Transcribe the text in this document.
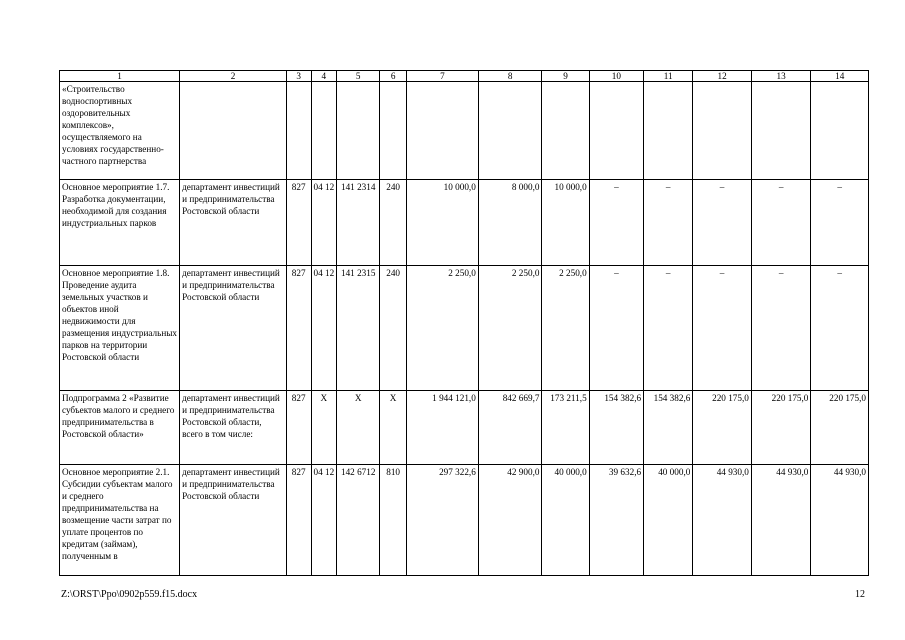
1	2	3	4	5	6	7	8	9	10	11	12	13	14
«Строительство водноспортивных оздоровительных комплексов», осуществляемого на условиях государственно-частного партнерства													
Основное мероприятие 1.7. Разработка документации, необходимой для создания индустриальных парков	департамент инвестиций и предпринимательства Ростовской области	827	04 12	141 2314	240	10 000,0	8 000,0	10 000,0	–	–	–	–	–
Основное мероприятие 1.8. Проведение аудита земельных участков и объектов иной недвижимости для размещения индустриальных парков на территории Ростовской области	департамент инвестиций и предпринимательства Ростовской области	827	04 12	141 2315	240	2 250,0	2 250,0	2 250,0	–	–	–	–	–
Подпрограмма 2 «Развитие субъектов малого и среднего предпринимательства в Ростовской области»	департамент инвестиций и предпринимательства Ростовской области, всего в том числе:	827	Х	Х	Х	1 944 121,0	842 669,7	173 211,5	154 382,6	154 382,6	220 175,0	220 175,0	220 175,0
Основное мероприятие 2.1. Субсидии субъектам малого и среднего предпринимательства на возмещение части затрат по уплате процентов по кредитам (займам), полученным в	департамент инвестиций и предпринимательства Ростовской области	827	04 12	142 6712	810	297 322,6	42 900,0	40 000,0	39 632,6	40 000,0	44 930,0	44 930,0	44 930,0
Z:\ORST\Ppo\0902p559.f15.docx	12
